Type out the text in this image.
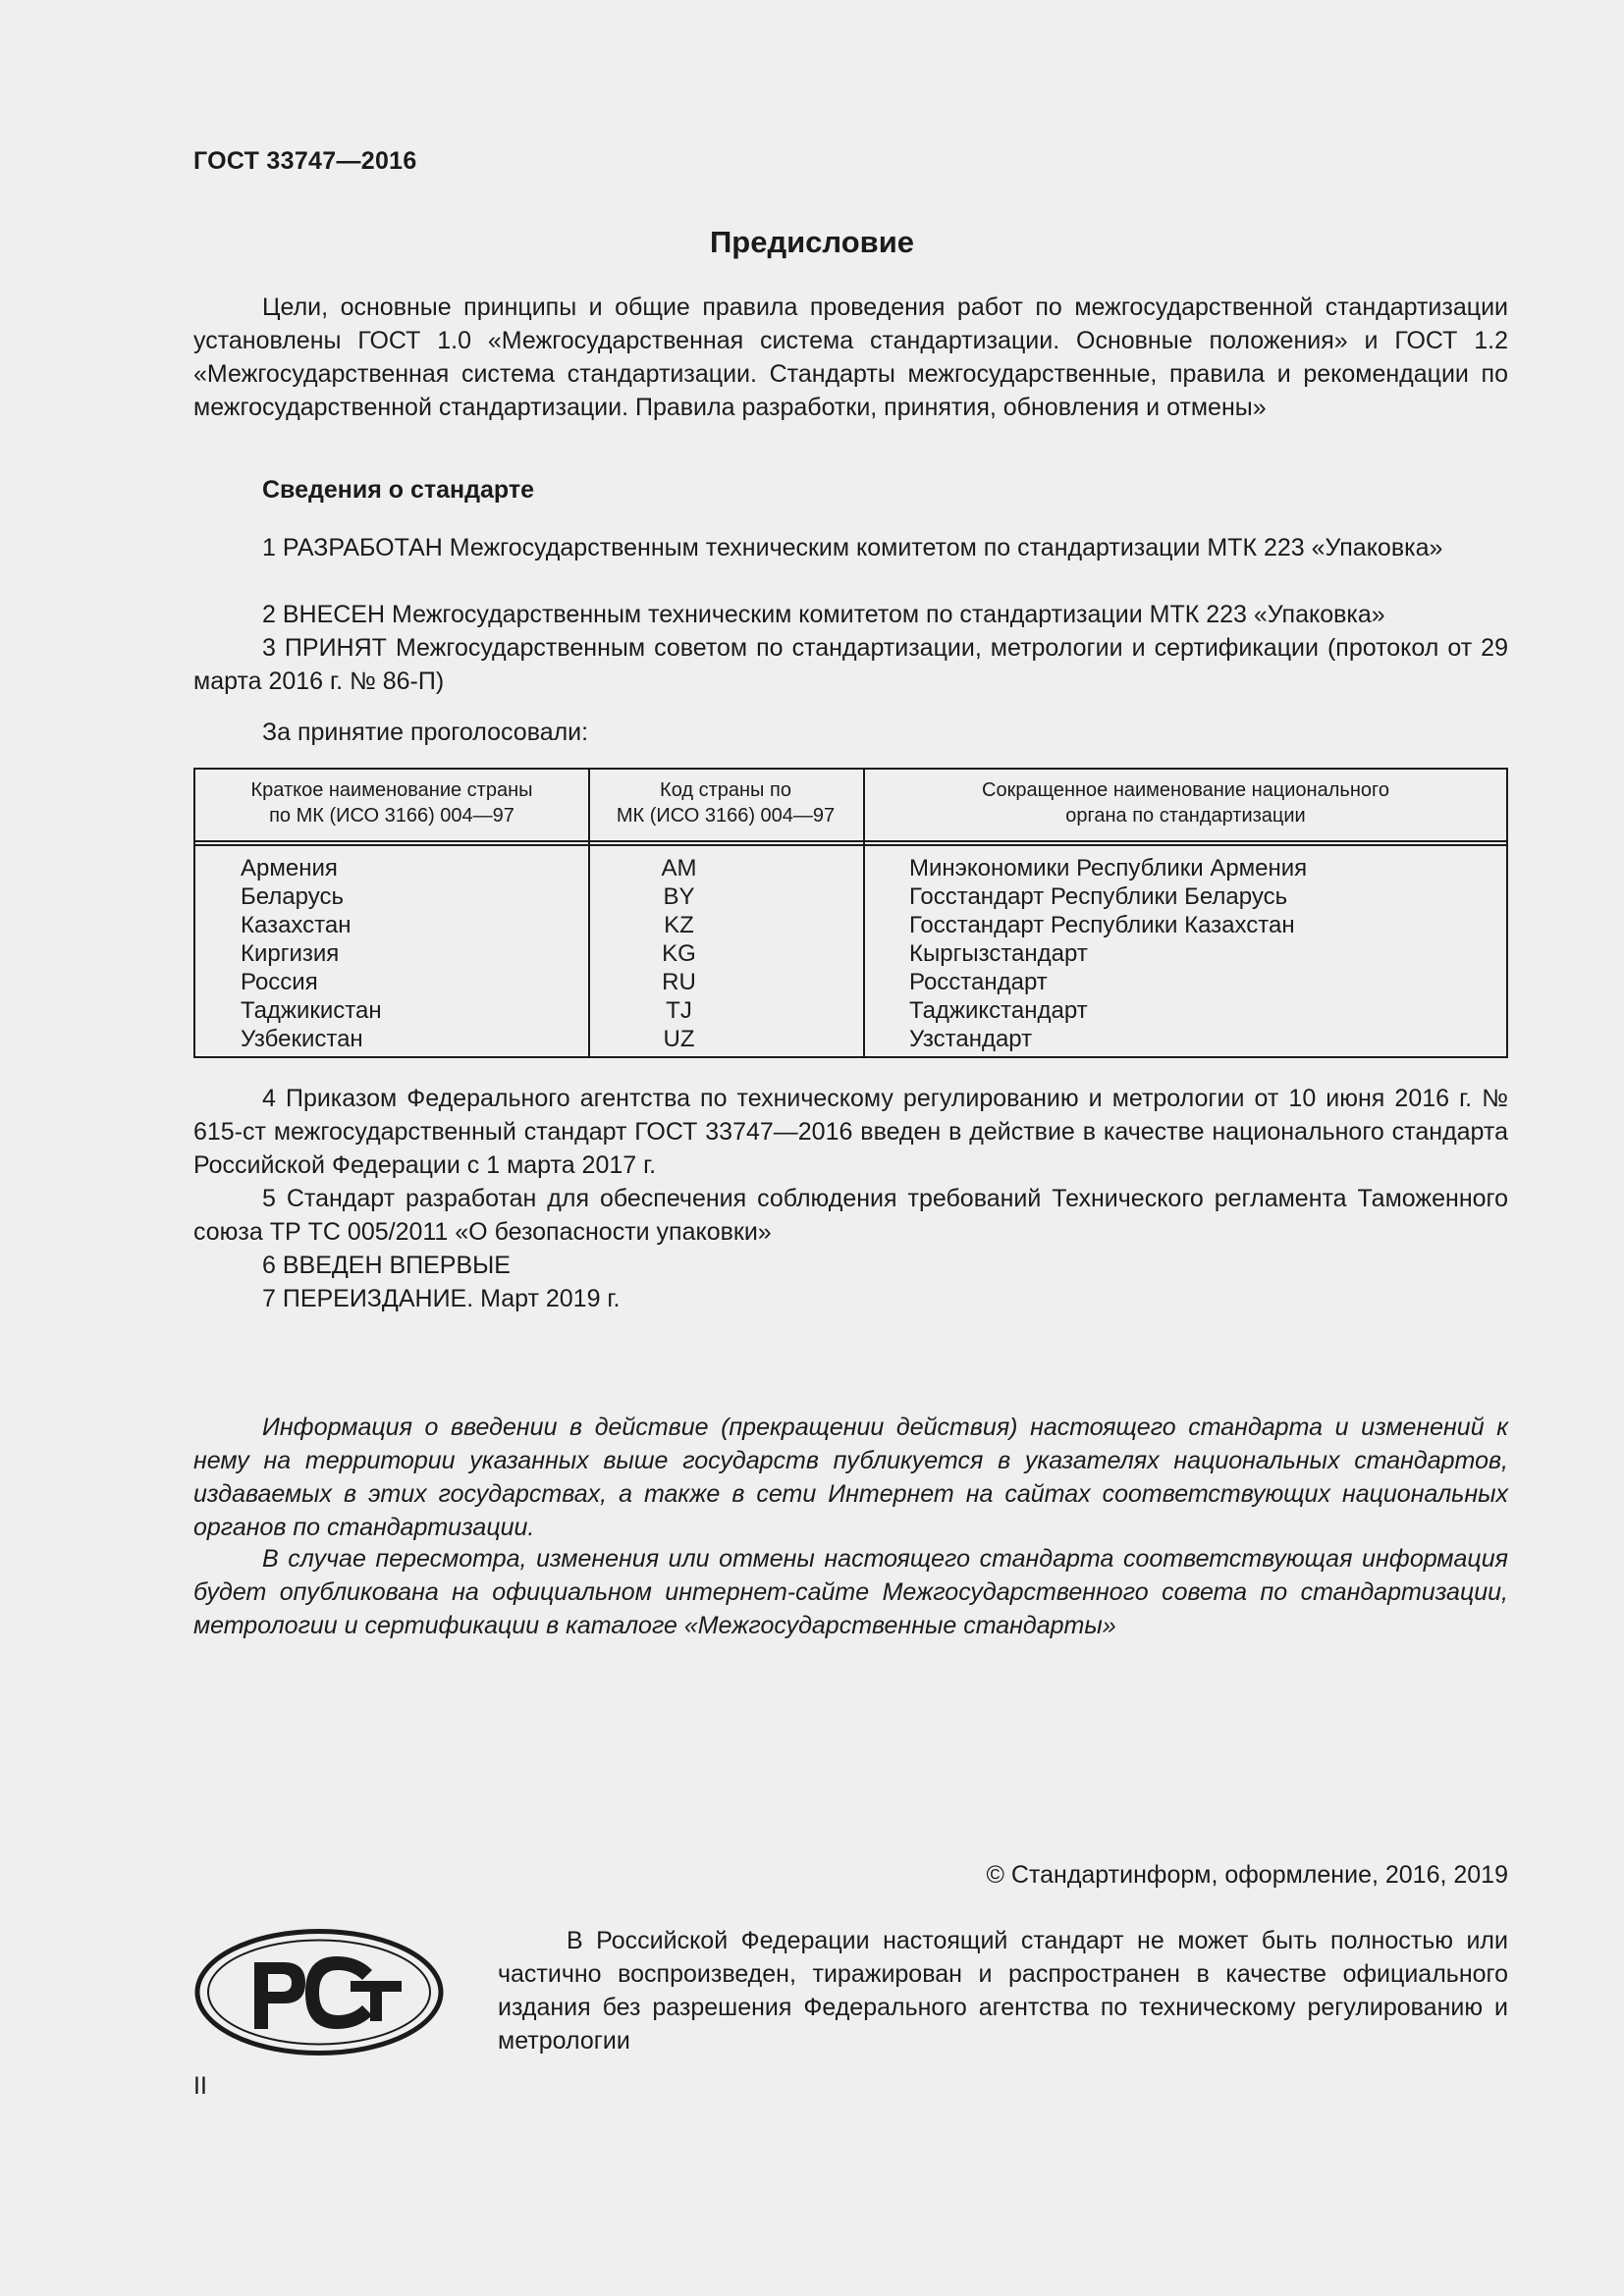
ГОСТ 33747—2016
Предисловие
Цели, основные принципы и общие правила проведения работ по межгосударственной стандартизации установлены ГОСТ 1.0 «Межгосударственная система стандартизации. Основные положения» и ГОСТ 1.2 «Межгосударственная система стандартизации. Стандарты межгосударственные, правила и рекомендации по межгосударственной стандартизации. Правила разработки, принятия, обновления и отмены»
Сведения о стандарте
1 РАЗРАБОТАН Межгосударственным техническим комитетом по стандартизации МТК 223 «Упаковка»
2 ВНЕСЕН Межгосударственным техническим комитетом по стандартизации МТК 223 «Упаковка»
3 ПРИНЯТ Межгосударственным советом по стандартизации, метрологии и сертификации (протокол от 29 марта 2016 г. № 86-П)
За принятие проголосовали:
Краткое наименование страны
по МК (ИСО 3166) 004—97
Код страны по
МК (ИСО 3166) 004—97
Сокращенное наименование национального
органа по стандартизации
Армения
Беларусь
Казахстан
Киргизия
Россия
Таджикистан
Узбекистан
AM
BY
KZ
KG
RU
TJ
UZ
Минэкономики Республики Армения
Госстандарт Республики Беларусь
Госстандарт Республики Казахстан
Кыргызстандарт
Росстандарт
Таджикстандарт
Узстандарт
4 Приказом Федерального агентства по техническому регулированию и метрологии от 10 июня 2016 г. № 615-ст межгосударственный стандарт ГОСТ 33747—2016 введен в действие в качестве национального стандарта Российской Федерации с 1 марта 2017 г.
5 Стандарт разработан для обеспечения соблюдения требований Технического регламента Таможенного союза ТР ТС 005/2011 «О безопасности упаковки»
6 ВВЕДЕН ВПЕРВЫЕ
7 ПЕРЕИЗДАНИЕ. Март 2019 г.
Информация о введении в действие (прекращении действия) настоящего стандарта и изменений к нему на территории указанных выше государств публикуется в указателях национальных стандартов, издаваемых в этих государствах, а также в сети Интернет на сайтах соответствующих национальных органов по стандартизации.
В случае пересмотра, изменения или отмены настоящего стандарта соответствующая информация будет опубликована на официальном интернет-сайте Межгосударственного совета по стандартизации, метрологии и сертификации в каталоге «Межгосударственные стандарты»
© Стандартинформ, оформление, 2016, 2019
В Российской Федерации настоящий стандарт не может быть полностью или частично воспроизведен, тиражирован и распространен в качестве официального издания без разрешения Федерального агентства по техническому регулированию и метрологии
II
